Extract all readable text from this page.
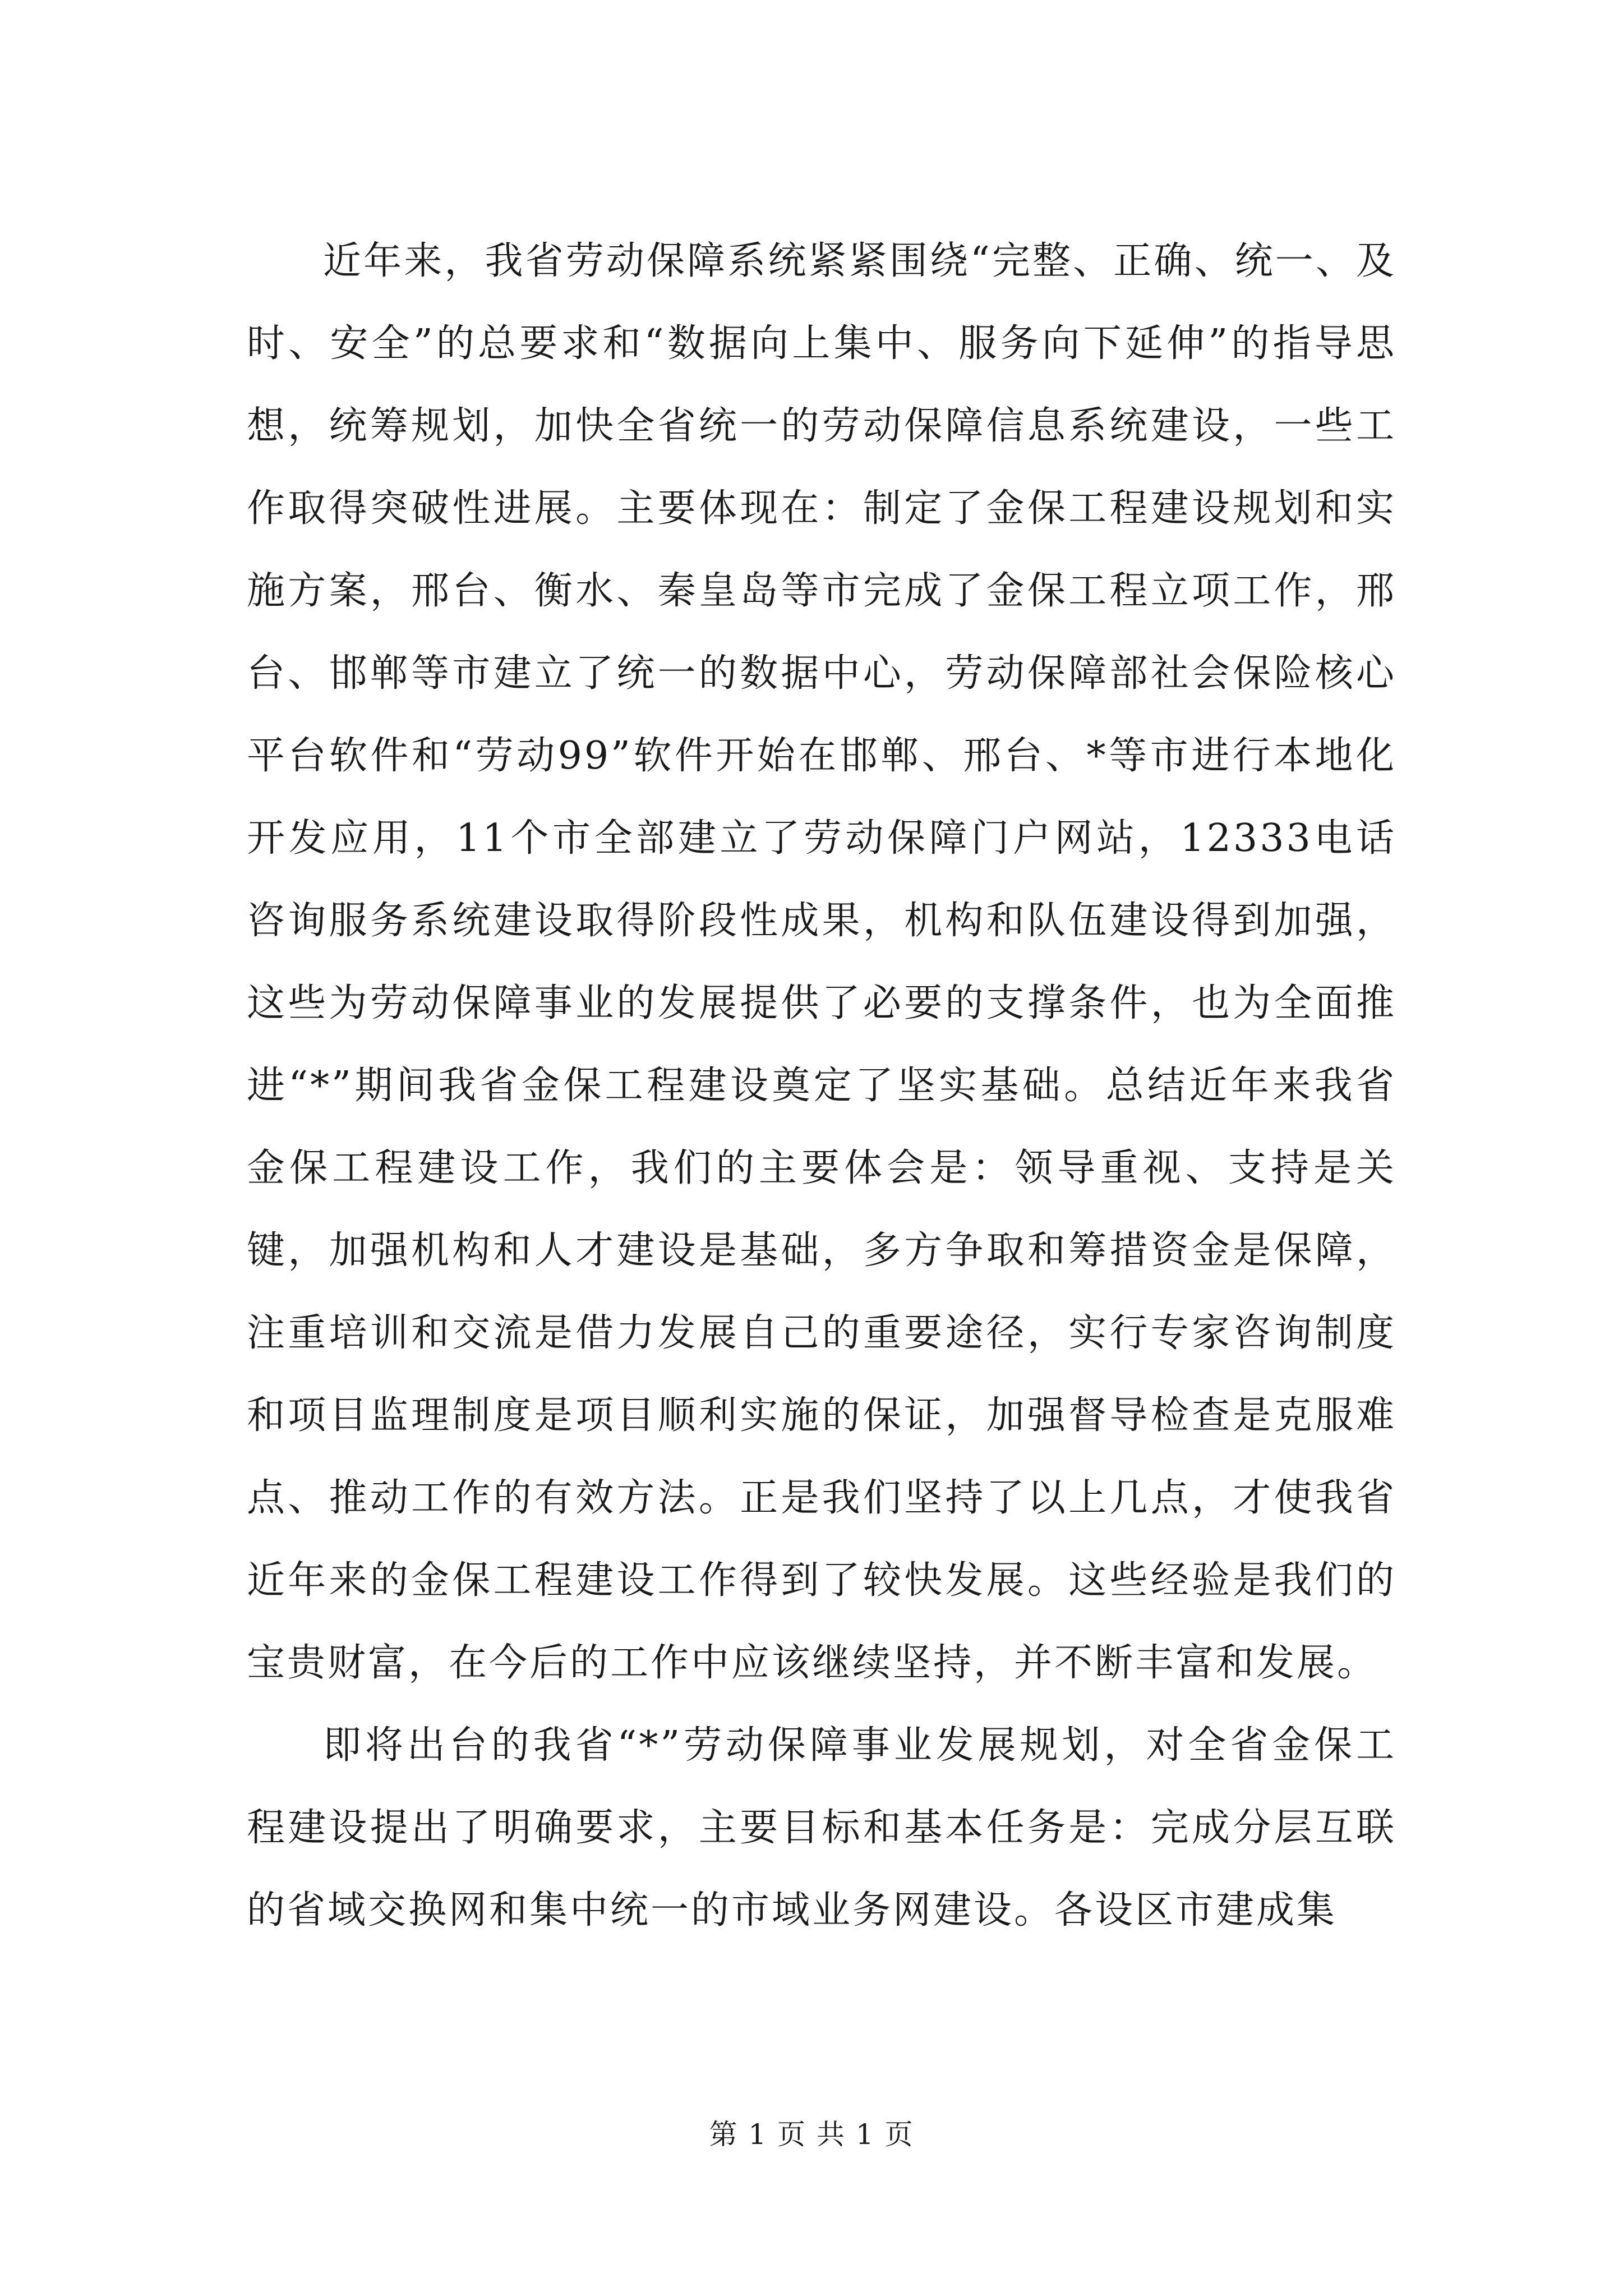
近年来，我省劳动保障系统紧紧围绕“完整、正确、统一、及时、安全”的总要求和“数据向上集中、服务向下延伸”的指导思想，统筹规划，加快全省统一的劳动保障信息系统建设，一些工作取得突破性进展。主要体现在：制定了金保工程建设规划和实施方案，邢台、衡水、秦皇岛等市完成了金保工程立项工作，邢台、邯郸等市建立了统一的数据中心，劳动保障部社会保险核心平台软件和“劳动99”软件开始在邯郸、邢台、*等市进行本地化开发应用，11个市全部建立了劳动保障门户网站，12333电话咨询服务系统建设取得阶段性成果，机构和队伍建设得到加强，这些为劳动保障事业的发展提供了必要的支撑条件，也为全面推进“*”期间我省金保工程建设奠定了坚实基础。总结近年来我省金保工程建设工作，我们的主要体会是：领导重视、支持是关键，加强机构和人才建设是基础，多方争取和筹措资金是保障，注重培训和交流是借力发展自己的重要途径，实行专家咨询制度和项目监理制度是项目顺利实施的保证，加强督导检查是克服难点、推动工作的有效方法。正是我们坚持了以上几点，才使我省近年来的金保工程建设工作得到了较快发展。这些经验是我们的宝贵财富，在今后的工作中应该继续坚持，并不断丰富和发展。

即将出台的我省“*”劳动保障事业发展规划，对全省金保工程建设提出了明确要求，主要目标和基本任务是：完成分层互联的省域交换网和集中统一的市域业务网建设。各设区市建成集

第 1 页 共 1 页
